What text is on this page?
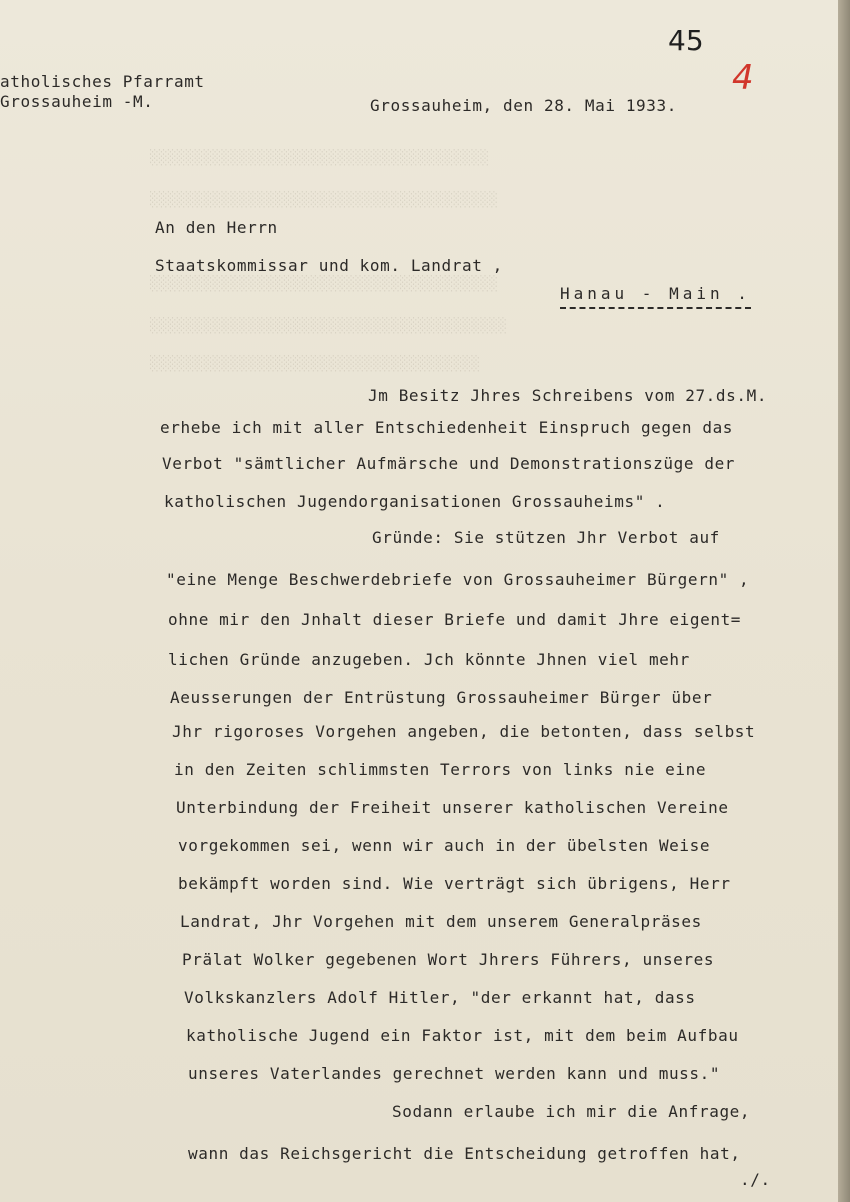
░░░░░░░░░░░░░░░░░░░░░░░░░░░░░░░░░░░░░░
░░░░░░░░░░░░░░░░░░░░░░░░░░░░░░░░░░░░░░░
░░░░░░░░░░░░░░░░░░░░░░░░░░░░░░░░░░░░░░░
░░░░░░░░░░░░░░░░░░░░░░░░░░░░░░░░░░░░░░░░
░░░░░░░░░░░░░░░░░░░░░░░░░░░░░░░░░░░░░
45
4
atholisches Pfarramt
Grossauheim -M.	Grossauheim, den 28. Mai 1933.
An den Herrn
Staatskommissar und kom. Landrat ,
Hanau - Main .
Jm Besitz Jhres Schreibens vom 27.ds.M.
erhebe ich mit aller Entschiedenheit Einspruch gegen das
Verbot "sämtlicher Aufmärsche und Demonstrationszüge der
katholischen Jugendorganisationen Grossauheims" .
Gründe: Sie stützen Jhr Verbot auf
"eine Menge Beschwerdebriefe von Grossauheimer Bürgern" ,
ohne mir den Jnhalt dieser Briefe und damit Jhre eigent=
lichen Gründe anzugeben. Jch könnte Jhnen viel mehr
Aeusserungen der Entrüstung Grossauheimer Bürger über
Jhr rigoroses Vorgehen angeben, die betonten, dass selbst
in den Zeiten schlimmsten Terrors von links nie eine
Unterbindung der Freiheit unserer katholischen Vereine
vorgekommen sei, wenn wir auch in der übelsten Weise
bekämpft worden sind. Wie verträgt sich übrigens, Herr
Landrat, Jhr Vorgehen mit dem unserem Generalpräses
Prälat Wolker gegebenen Wort Jhrers Führers, unseres
Volkskanzlers Adolf Hitler, "der erkannt hat, dass
katholische Jugend ein Faktor ist, mit dem beim Aufbau
unseres Vaterlandes gerechnet werden kann und muss."
Sodann erlaube ich mir die Anfrage,
wann das Reichsgericht die Entscheidung getroffen hat,
./.
